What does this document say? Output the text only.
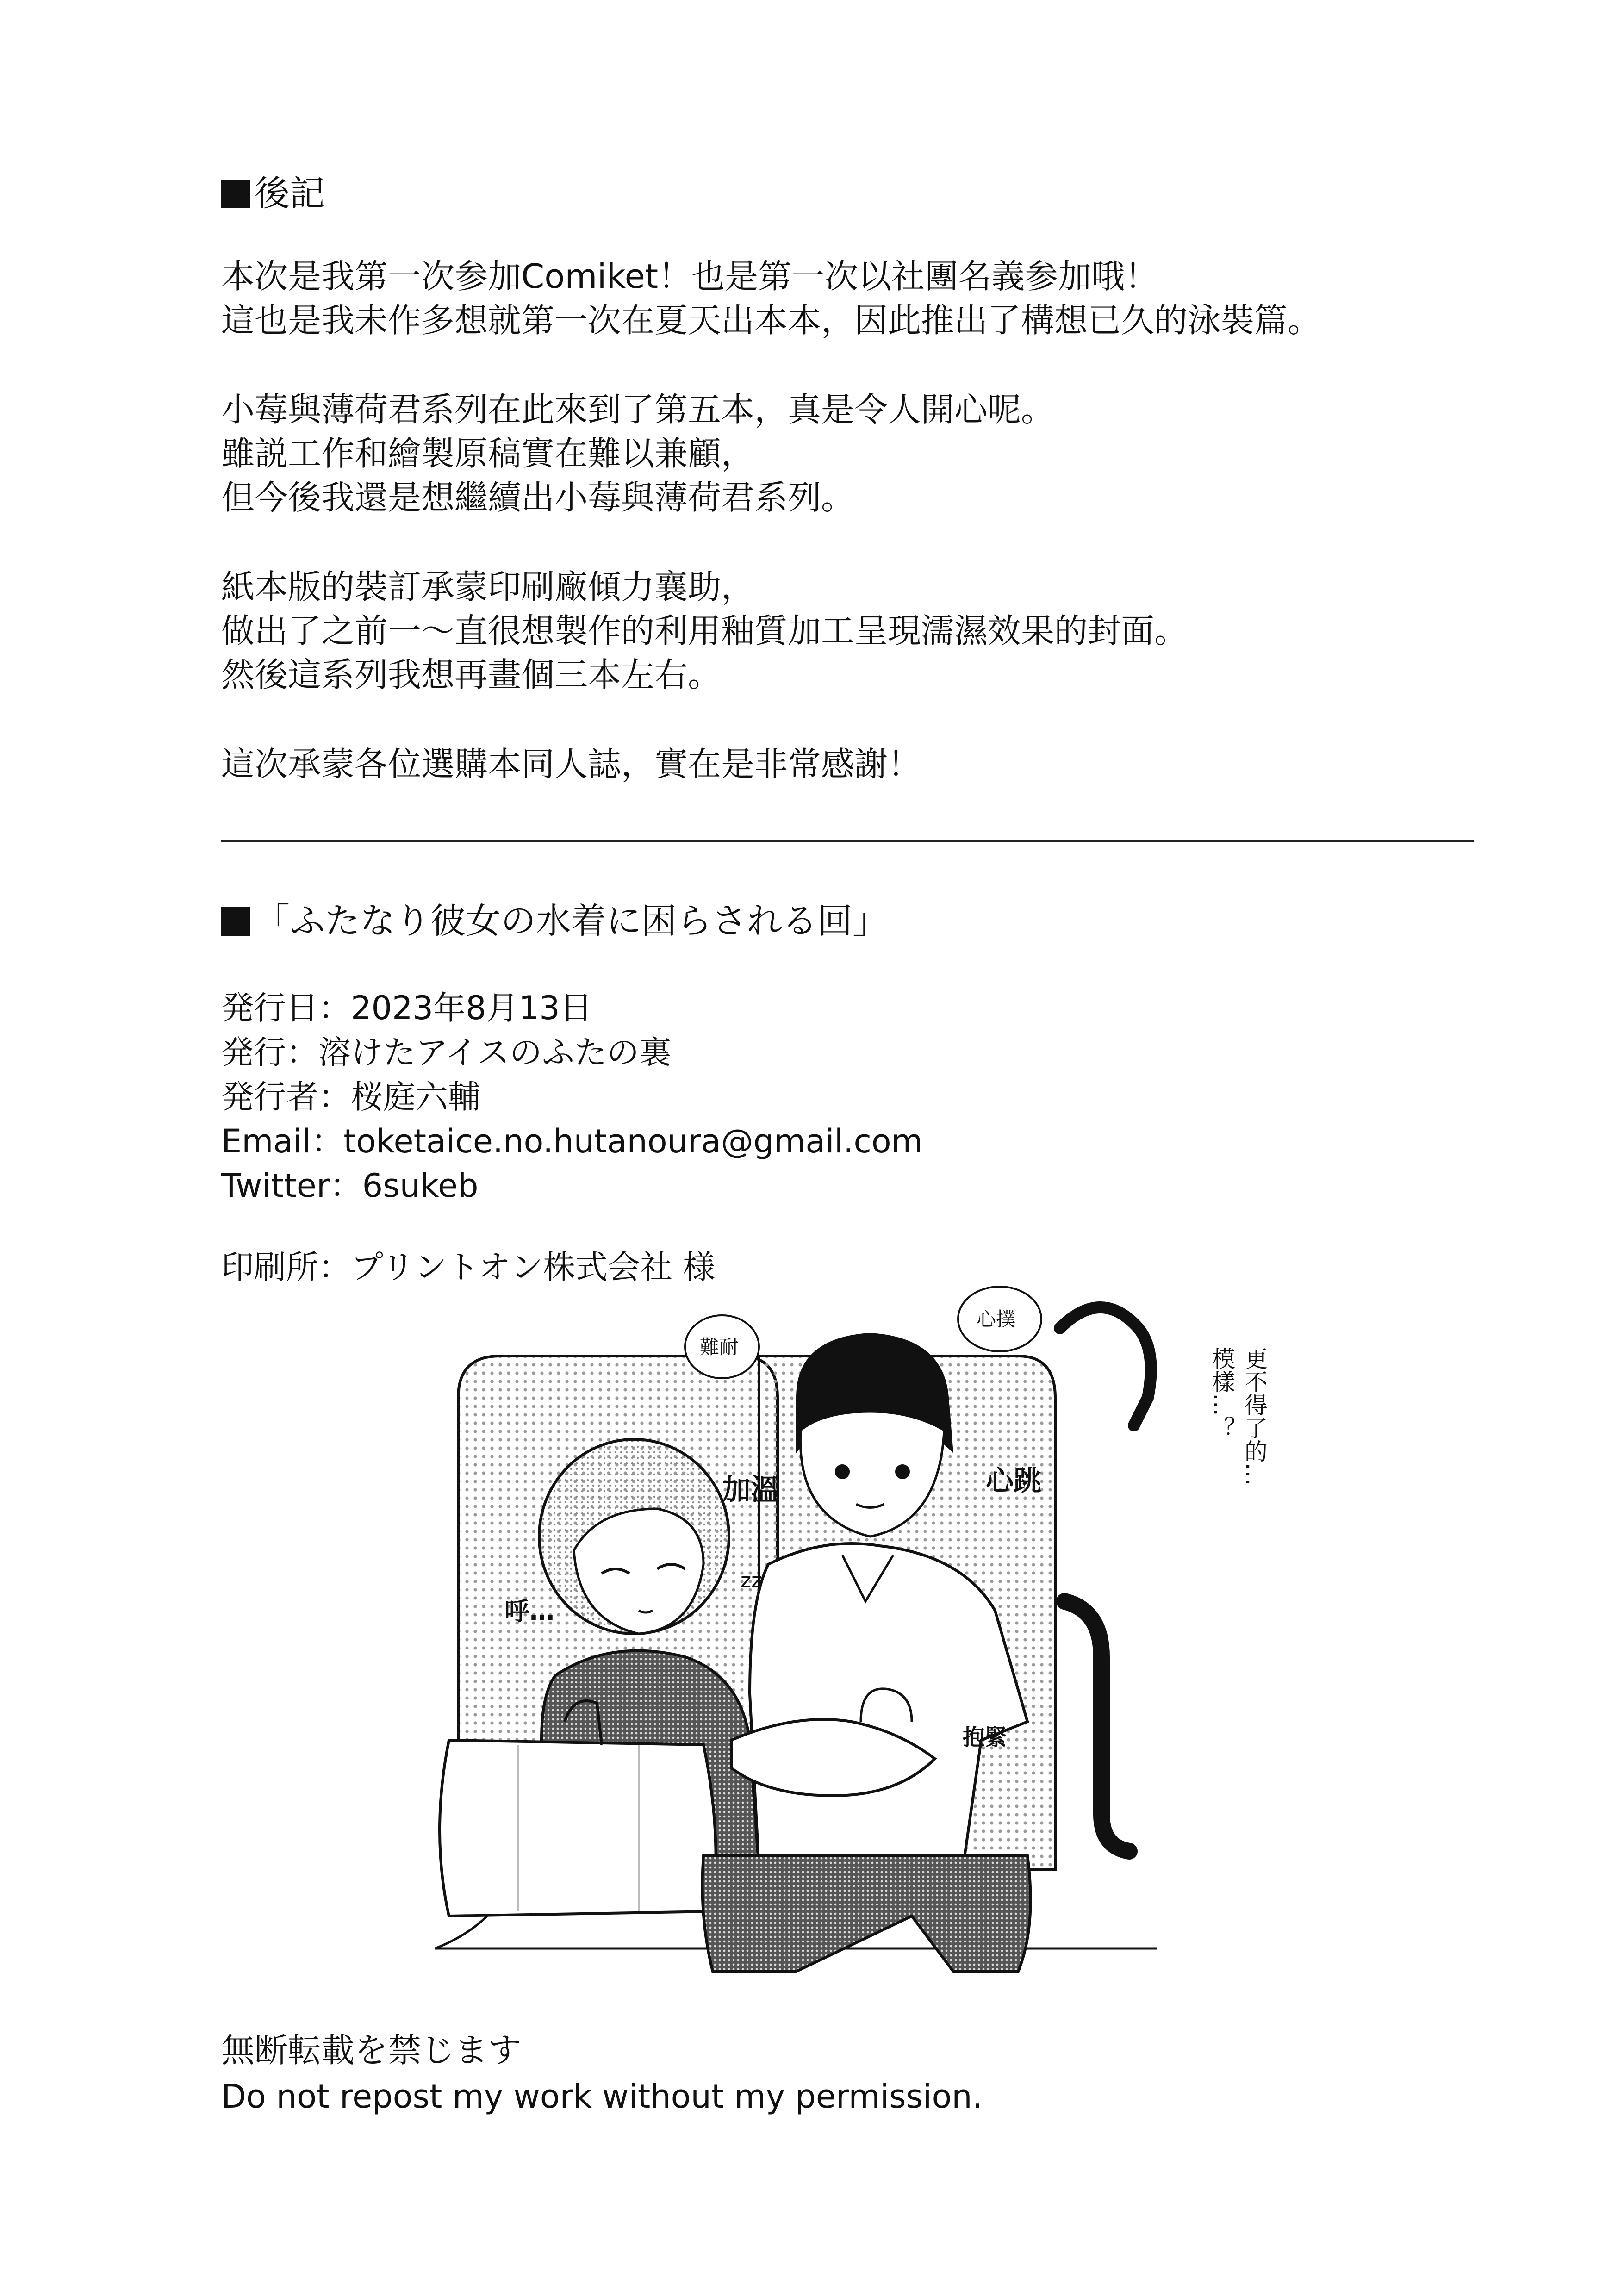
後記
本次是我第一次参加Comiket！也是第一次以社團名義参加哦！
這也是我未作多想就第一次在夏天出本本，因此推出了構想已久的泳裝篇。
小莓與薄荷君系列在此來到了第五本，真是令人開心呢。
雖説工作和繪製原稿實在難以兼顧，
但今後我還是想繼續出小莓與薄荷君系列。
紙本版的裝訂承蒙印刷廠傾力襄助，
做出了之前一～直很想製作的利用釉質加工呈現濡濕效果的封面。
然後這系列我想再畫個三本左右。
這次承蒙各位選購本同人誌，實在是非常感謝！
「ふたなり彼女の水着に困らされる回」
発行日：2023年8月13日
発行：溶けたアイスのふたの裏
発行者：桜庭六輔
Email：toketaice.no.hutanoura@gmail.com
Twitter：6sukeb
印刷所：プリントオン株式会社 様
呼…
zz
加溫	心跳
抱緊
難耐
心撲
更不得了的…
模樣…？
無断転載を禁じます
Do not repost my work without my permission.
